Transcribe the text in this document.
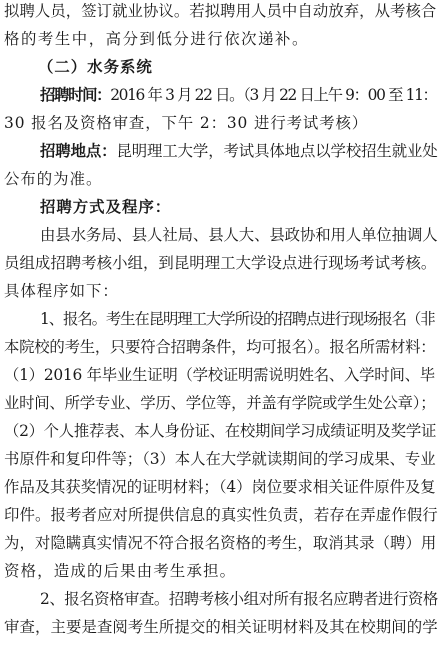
拟聘人员，签订就业协议。若拟聘用人员中自动放弃，从考核合
格的考生中，高分到低分进行依次递补。
（二）水务系统
招聘时间：2016 年 3 月 22 日。（3 月 22 日上午 9：00 至 11：
30 报名及资格审查，下午 2：30 进行考试考核）
招聘地点：昆明理工大学，考试具体地点以学校招生就业处
公布的为准。
招聘方式及程序：
由县水务局、县人社局、县人大、县政协和用人单位抽调人
员组成招聘考核小组，到昆明理工大学设点进行现场考试考核。
具体程序如下：
1、报名。考生在昆明理工大学所设的招聘点进行现场报名（非
本院校的考生，只要符合招聘条件，均可报名）。报名所需材料：
（1）2016 年毕业生证明（学校证明需说明姓名、入学时间、毕
业时间、所学专业、学历、学位等，并盖有学院或学生处公章）；
（2）个人推荐表、本人身份证、在校期间学习成绩证明及奖学证
书原件和复印件等；（3）本人在大学就读期间的学习成果、专业
作品及其获奖情况的证明材料；（4）岗位要求相关证件原件及复
印件。报考者应对所提供信息的真实性负责，若存在弄虚作假行
为，对隐瞒真实情况不符合报名资格的考生，取消其录（聘）用
资格，造成的后果由考生承担。
2、报名资格审查。招聘考核小组对所有报名应聘者进行资格
审查，主要是查阅考生所提交的相关证明材料及其在校期间的学
